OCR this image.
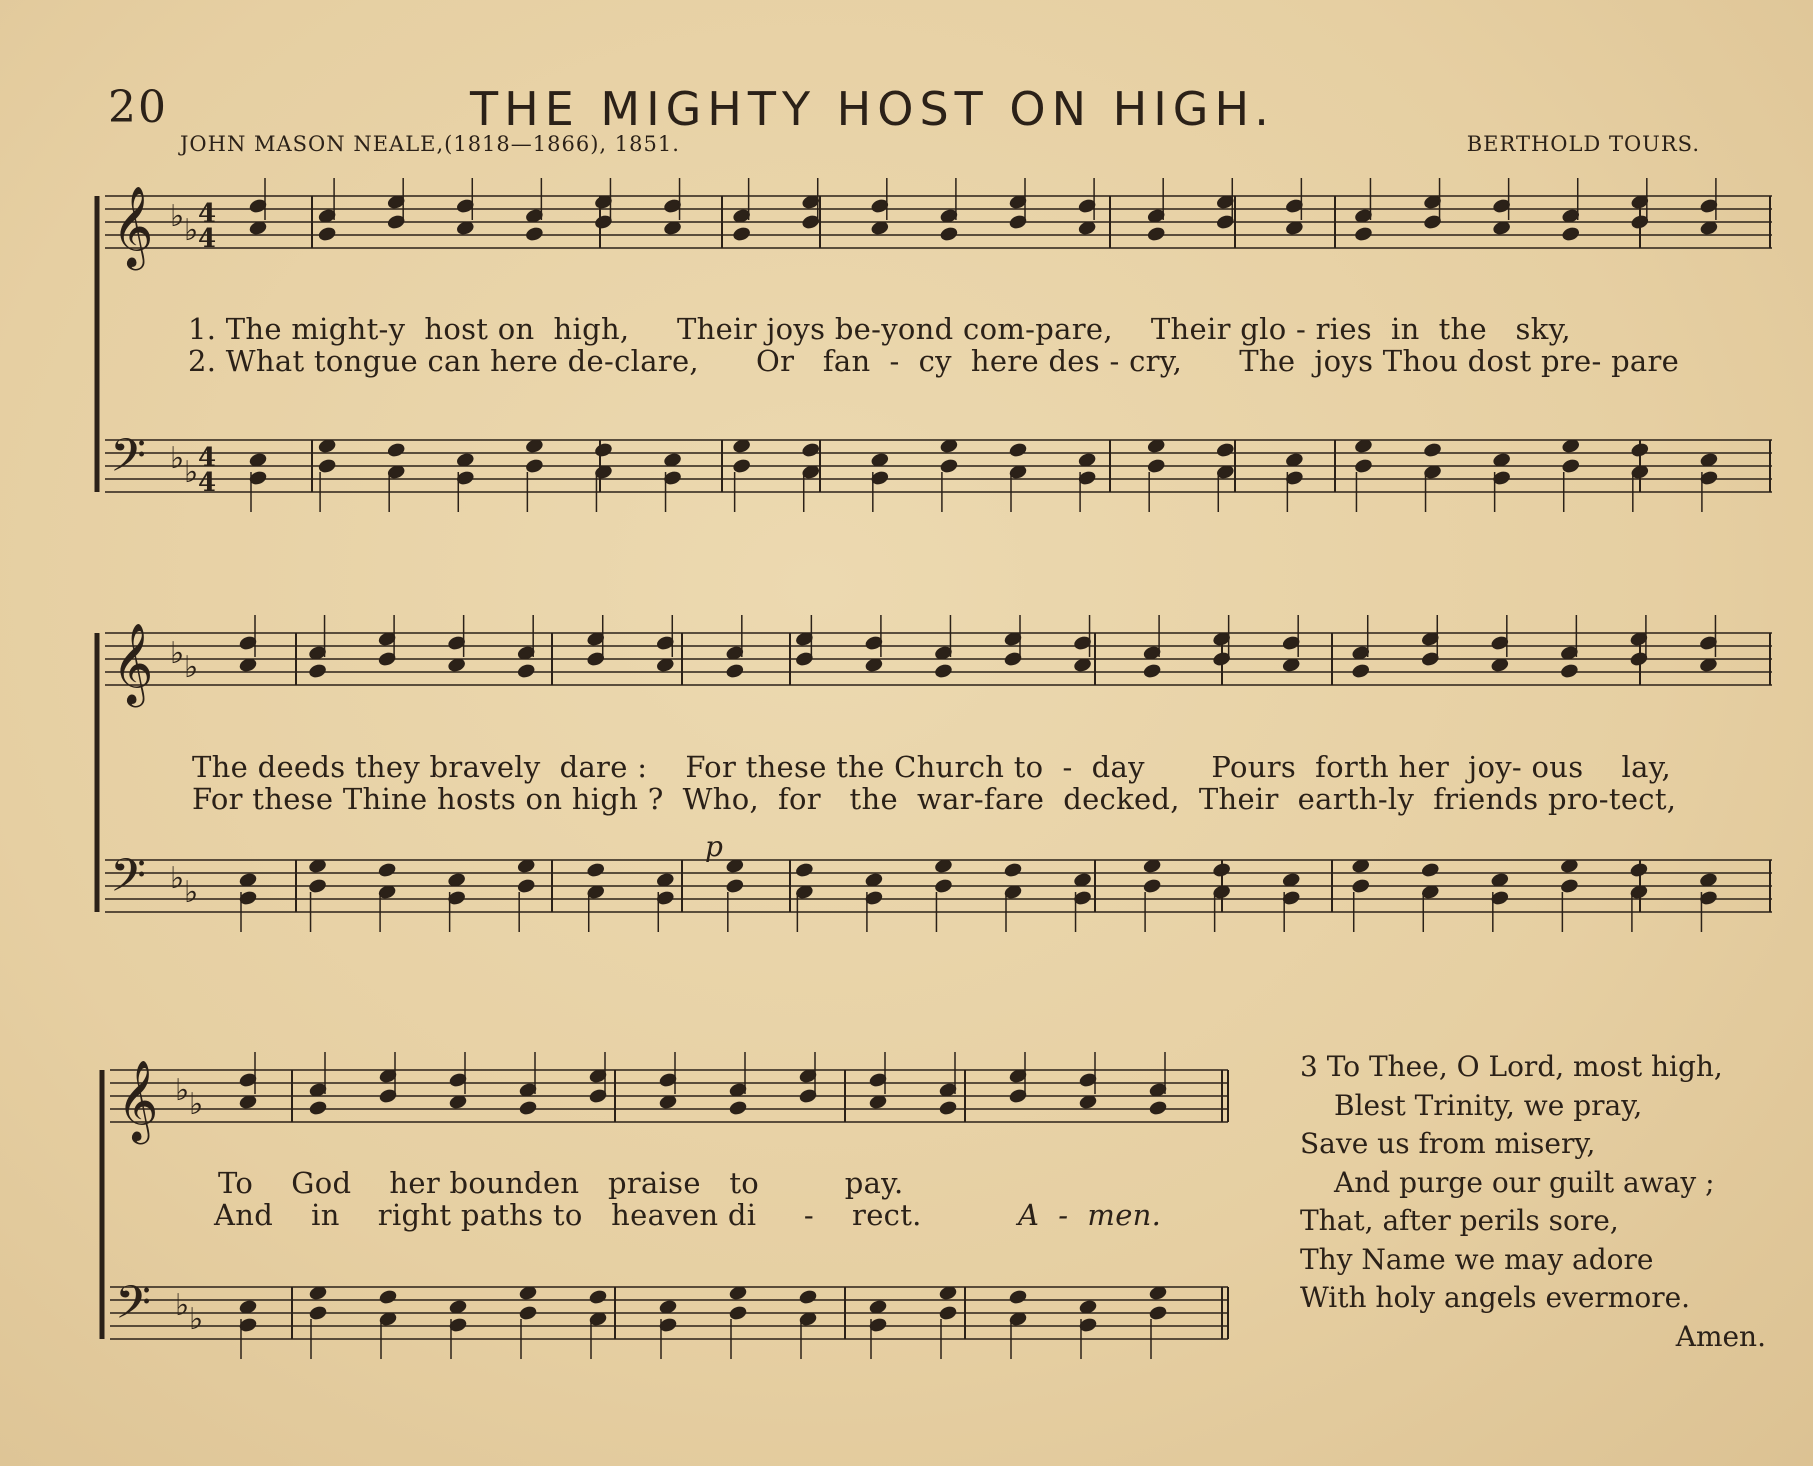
20	THE MIGHTY HOST ON HIGH.
JOHN MASON NEALE,(1818—1866), 1851.	BERTHOLD TOURS.
𝄞 ♭ ♭ 4
4
𝄢 ♭ ♭ 4
4
𝄞 ♭ ♭
𝄢 ♭ ♭
𝄞 ♭ ♭
𝄢 ♭ ♭
1. The might-y  host on  high,     Their joys be-yond com-pare,    Their glo - ries  in  the   sky,
2. What tongue can here de-clare,      Or   fan  -  cy  here des - cry,      The  joys Thou dost pre- pare
The deeds they bravely  dare :    For these the Church to  -  day       Pours  forth her  joy- ous    lay,
For these Thine hosts on high ?  Who,  for   the  war-fare  decked,  Their  earth-ly  friends pro-tect,
p
To    God    her bounden   praise   to         pay.
And    in    right paths to   heaven di     -    rect.	A  -  men.
3 To Thee, O Lord, most high,
Blest Trinity, we pray,
Save us from misery,
And purge our guilt away ;
That, after perils sore,
Thy Name we may adore
With holy angels evermore.
Amen.
